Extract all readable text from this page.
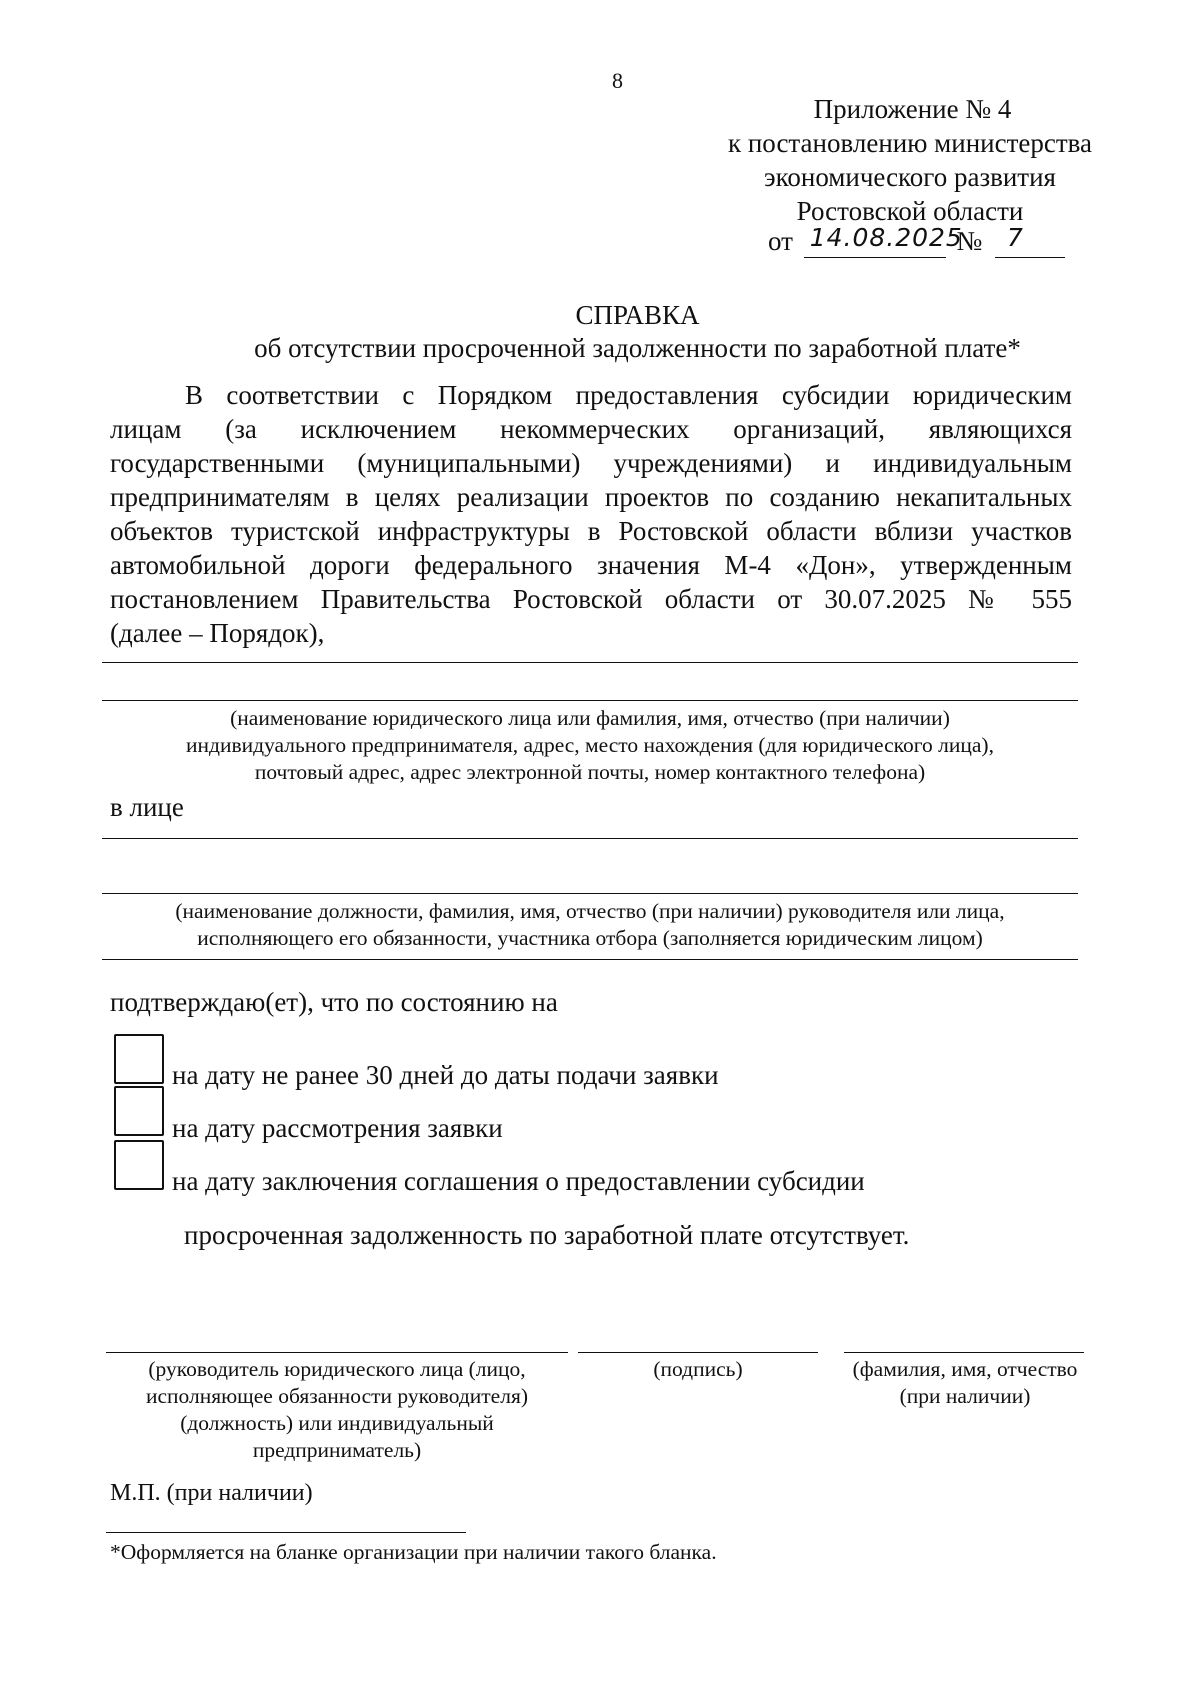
8
Приложение № 4
к постановлению министерства
экономического развития
Ростовской области
от 14.08.2025
№ 7
СПРАВКА
об отсутствии просроченной задолженности по заработной плате*
В соответствии с Порядком предоставления субсидии юридическим
лицам (за исключением некоммерческих организаций, являющихся
государственными (муниципальными) учреждениями) и индивидуальным
предпринимателям в целях реализации проектов по созданию некапитальных
объектов туристской инфраструктуры в Ростовской области вблизи участков
автомобильной дороги федерального значения М-4 «Дон», утвержденным
постановлением Правительства Ростовской области от 30.07.2025 № 555
(далее – Порядок),
(наименование юридического лица или фамилия, имя, отчество (при наличии)
индивидуального предпринимателя, адрес, место нахождения (для юридического лица),
почтовый адрес, адрес электронной почты, номер контактного телефона)
в лице
(наименование должности, фамилия, имя, отчество (при наличии) руководителя или лица,
исполняющего его обязанности, участника отбора (заполняется юридическим лицом)
подтверждаю(ет), что по состоянию на
на дату не ранее 30 дней до даты подачи заявки
на дату рассмотрения заявки
на дату заключения соглашения о предоставлении субсидии
просроченная задолженность по заработной плате отсутствует.
(руководитель юридического лица (лицо,
исполняющее обязанности руководителя)
(должность) или индивидуальный
предприниматель)
(подпись)	(фамилия, имя, отчество
(при наличии)
М.П. (при наличии)
*Оформляется на бланке организации при наличии такого бланка.
